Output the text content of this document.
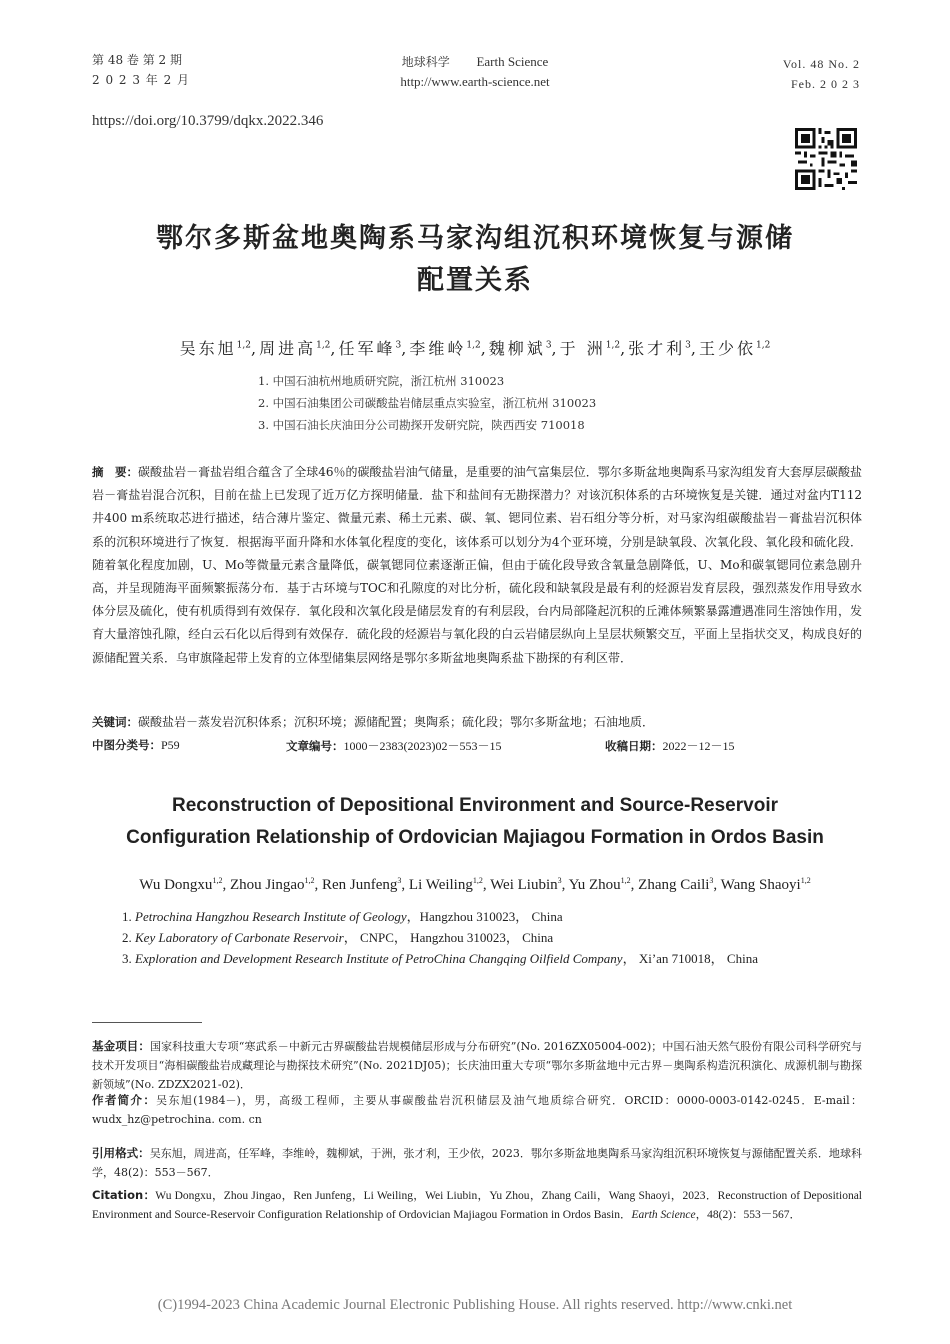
第 48 卷 第 2 期
2 0 2 3 年 2 月
地球科学 Earth Science
http://www.earth-science.net
Vol. 48 No. 2
Feb. 2 0 2 3
https://doi.org/10.3799/dqkx.2022.346
鄂尔多斯盆地奥陶系马家沟组沉积环境恢复与源储
配置关系
吴东旭$^{1,2}$,周进高$^{1,2}$,任军峰$^3$,李维岭$^{1,2}$,魏柳斌$^3$,于 洲$^{1,2}$,张才利$^3$,王少依$^{1,2}$
1. 中国石油杭州地质研究院，浙江杭州 310023
2. 中国石油集团公司碳酸盐岩储层重点实验室，浙江杭州 310023
3. 中国石油长庆油田分公司勘探开发研究院，陕西西安 710018
摘　要：碳酸盐岩－膏盐岩组合蕴含了全球46％的碳酸盐岩油气储量，是重要的油气富集层位．鄂尔多斯盆地奥陶系马家沟组发育大套厚层碳酸盐岩－膏盐岩混合沉积，目前在盐上已发现了近万亿方探明储量．盐下和盐间有无勘探潜力？对该沉积体系的古环境恢复是关键．通过对盆内T112井400 m系统取芯进行描述，结合薄片鉴定、微量元素、稀土元素、碳、氧、锶同位素、岩石组分等分析，对马家沟组碳酸盐岩－膏盐岩沉积体系的沉积环境进行了恢复．根据海平面升降和水体氧化程度的变化，该体系可以划分为4个亚环境，分别是缺氧段、次氧化段、氧化段和硫化段．随着氧化程度加剧，U、Mo等微量元素含量降低，碳氧锶同位素逐渐正偏，但由于硫化段导致含氧量急剧降低，U、Mo和碳氧锶同位素急剧升高，并呈现随海平面频繁振荡分布．基于古环境与TOC和孔隙度的对比分析，硫化段和缺氧段是最有利的烃源岩发育层段，强烈蒸发作用导致水体分层及硫化，使有机质得到有效保存．氧化段和次氧化段是储层发育的有利层段，台内局部隆起沉积的丘滩体频繁暴露遭遇准同生溶蚀作用，发育大量溶蚀孔隙，经白云石化以后得到有效保存．硫化段的烃源岩与氧化段的白云岩储层纵向上呈层状频繁交互，平面上呈指状交叉，构成良好的源储配置关系．乌审旗隆起带上发育的立体型储集层网络是鄂尔多斯盆地奥陶系盐下勘探的有利区带．
关键词：碳酸盐岩－蒸发岩沉积体系；沉积环境；源储配置；奥陶系；硫化段；鄂尔多斯盆地；石油地质．
中图分类号：P59	文章编号：1000－2383(2023)02－553－15	收稿日期：2022－12－15
Reconstruction of Depositional Environment and Source-Reservoir
Configuration Relationship of Ordovician Majiagou Formation in Ordos Basin
Wu Dongxu$^{1,2}$, Zhou Jingao$^{1,2}$, Ren Junfeng$^3$, Li Weiling$^{1,2}$, Wei Liubin$^3$, Yu Zhou$^{1,2}$, Zhang Caili$^3$, Wang Shaoyi$^{1,2}$
1. Petrochina Hangzhou Research Institute of Geology，Hangzhou 310023， China
2. Key Laboratory of Carbonate Reservoir， CNPC， Hangzhou 310023， China
3. Exploration and Development Research Institute of PetroChina Changqing Oilfield Company， Xi’an 710018， China
基金项目：国家科技重大专项“寒武系－中新元古界碳酸盐岩规模储层形成与分布研究”(No. 2016ZX05004-002)；中国石油天然气股份有限公司科学研究与技术开发项目“海相碳酸盐岩成藏理论与勘探技术研究”(No. 2021DJ05)；长庆油田重大专项“鄂尔多斯盆地中元古界－奥陶系构造沉积演化、成源机制与勘探新领域”(No. ZDZX2021-02)．
作者简介：吴东旭(1984－)，男，高级工程师，主要从事碳酸盐岩沉积储层及油气地质综合研究．ORCID：0000-0003-0142-0245．E-mail：wudx_hz@petrochina. com. cn
引用格式：吴东旭，周进高，任军峰，李维岭，魏柳斌，于洲，张才利，王少依，2023．鄂尔多斯盆地奥陶系马家沟组沉积环境恢复与源储配置关系．地球科学，48(2)：553－567．
Citation：Wu Dongxu，Zhou Jingao，Ren Junfeng，Li Weiling，Wei Liubin，Yu Zhou，Zhang Caili，Wang Shaoyi，2023．Reconstruction of Depositional Environment and Source-Reservoir Configuration Relationship of Ordovician Majiagou Formation in Ordos Basin．Earth Science，48(2)：553－567．
(C)1994-2023 China Academic Journal Electronic Publishing House. All rights reserved. http://www.cnki.net
